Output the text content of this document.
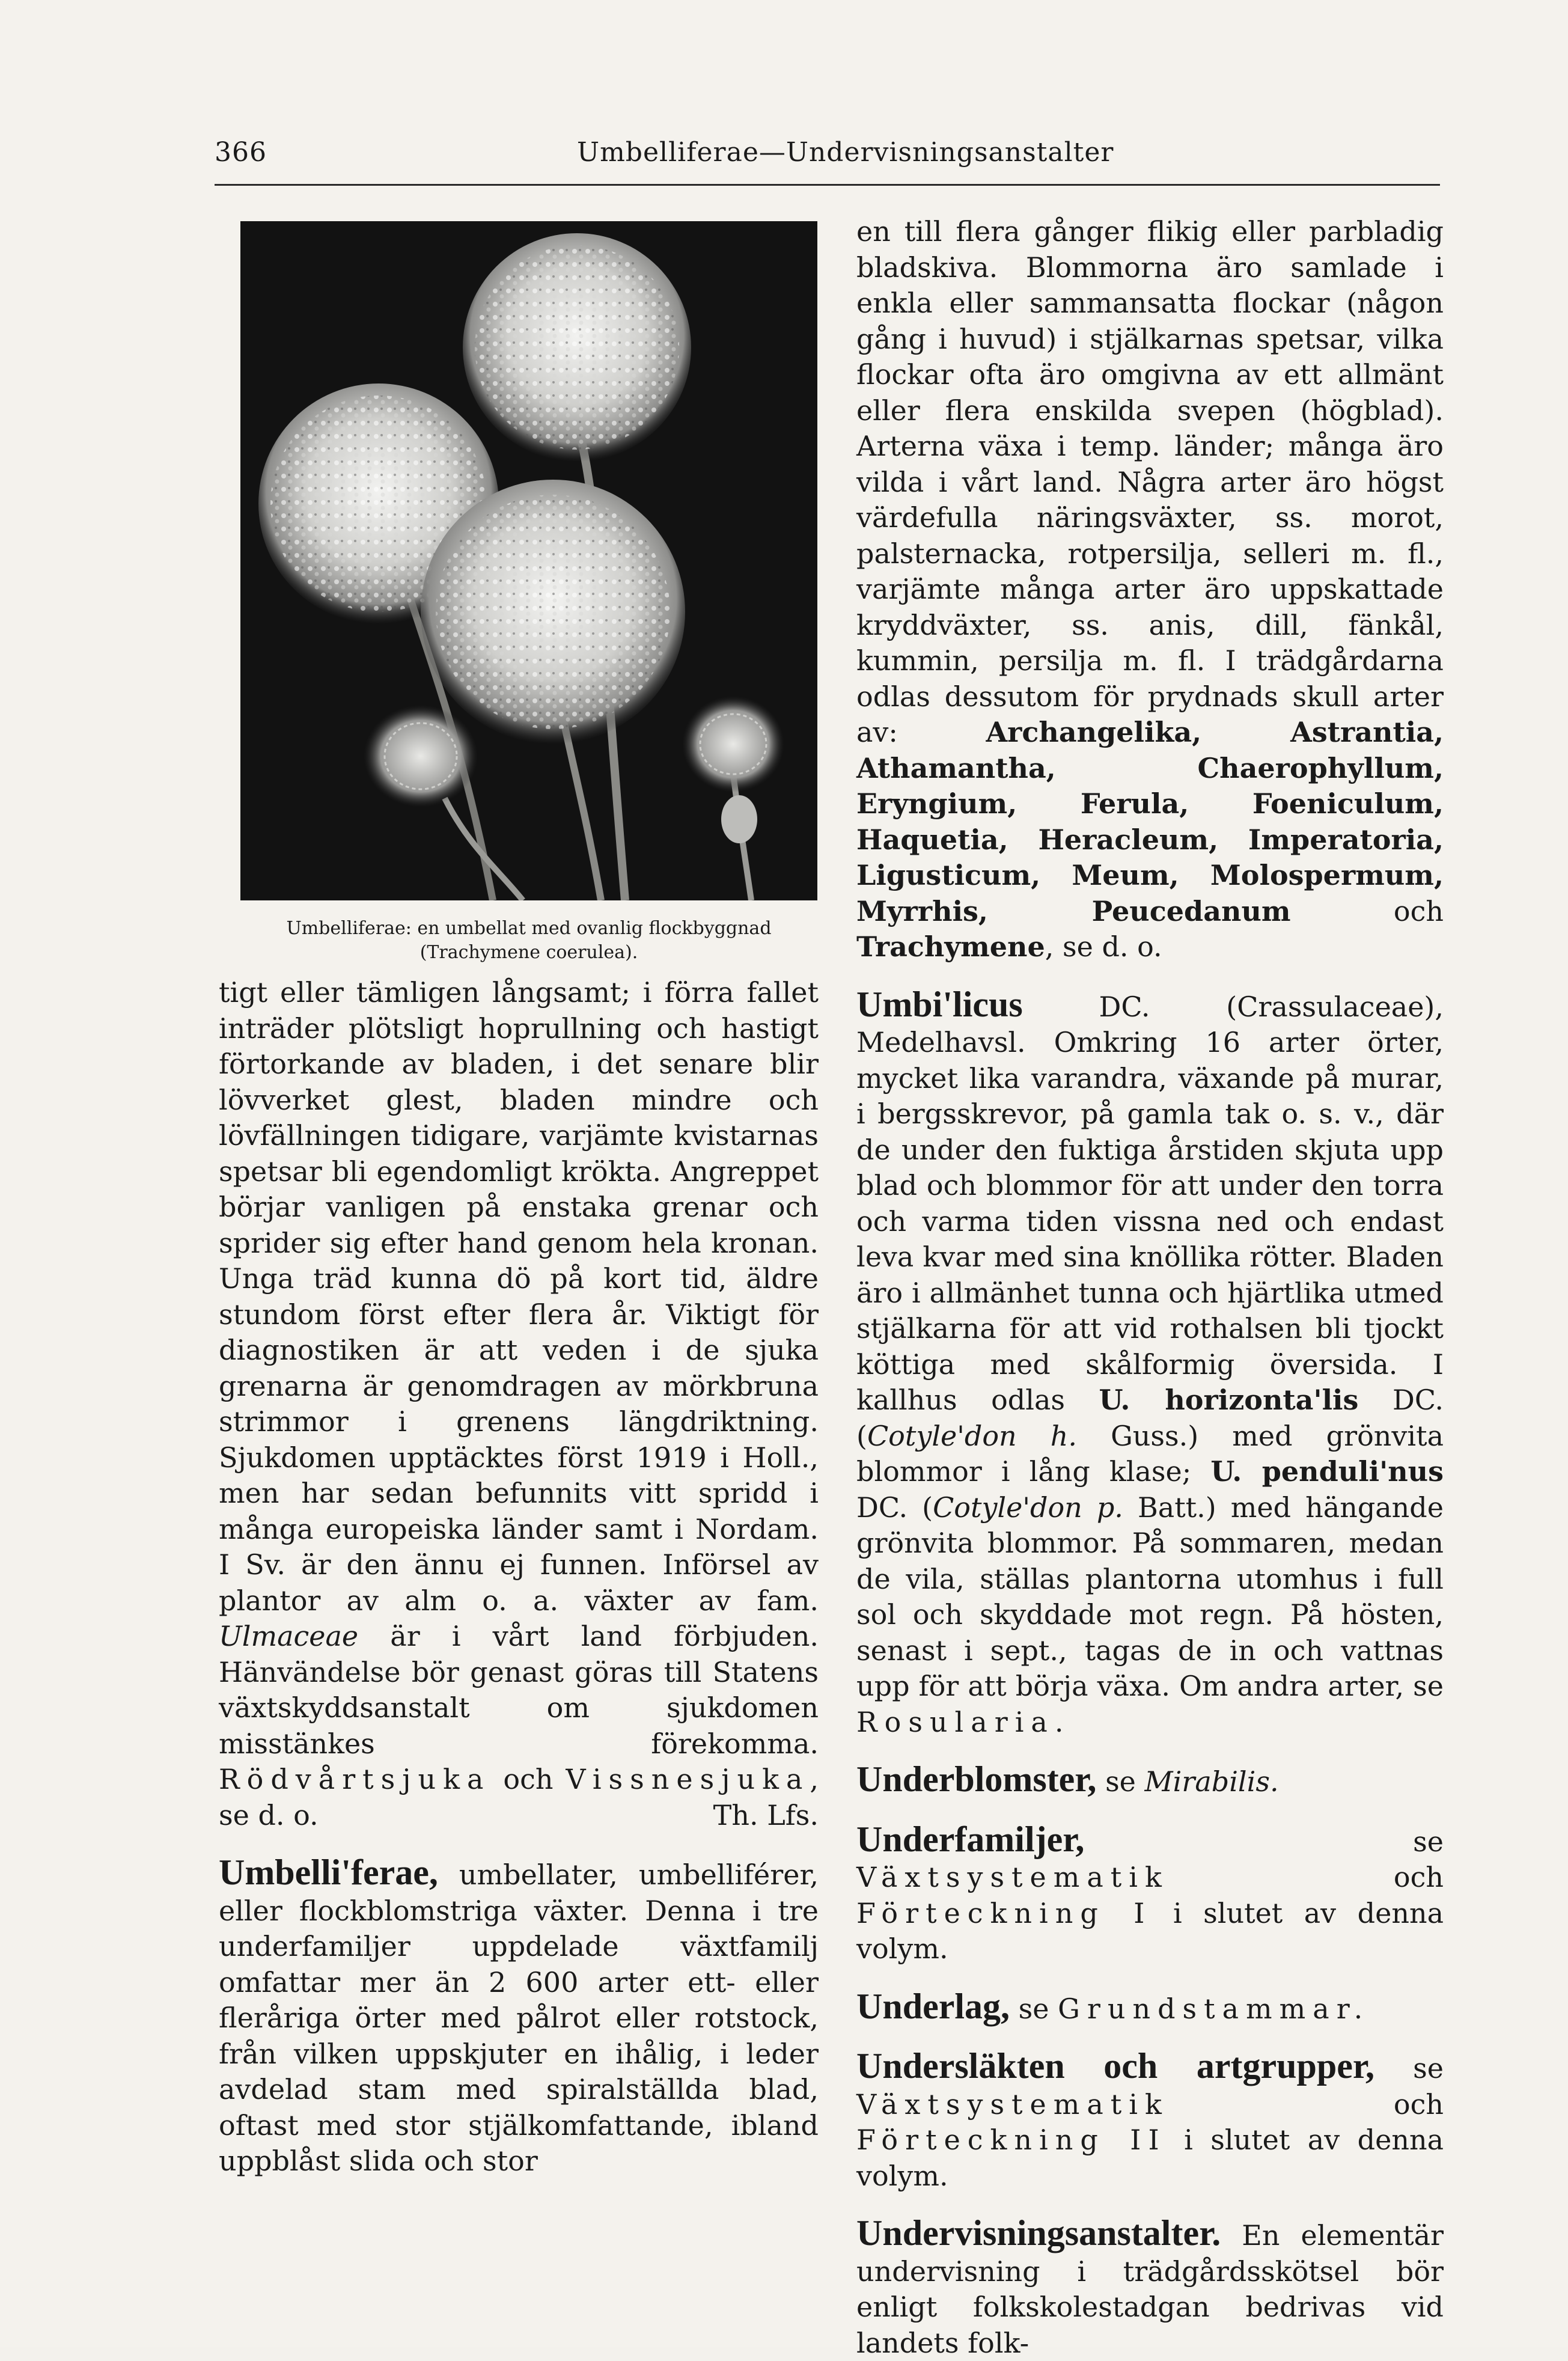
366	Umbelliferae—Undervisningsanstalter
Umbelliferae: en umbellat med ovanlig flockbyggnad
(Trachymene coerulea).

tigt eller tämligen långsamt; i förra fallet inträder plötsligt hoprullning och hastigt förtorkande av bladen, i det senare blir lövverket glest, bladen mindre och lövfällningen tidigare, varjämte kvistarnas spetsar bli egendomligt krökta. Angreppet börjar vanligen på enstaka grenar och sprider sig efter hand genom hela kronan. Unga träd kunna dö på kort tid, äldre stundom först efter flera år. Viktigt för diagnostiken är att veden i de sjuka grenarna är genomdragen av mörkbruna strimmor i grenens längdriktning. Sjukdomen upptäcktes först 1919 i Holl., men har sedan befunnits vitt spridd i många europeiska länder samt i Nordam. I Sv. är den ännu ej funnen. Införsel av plantor av alm o. a. växter av fam. Ulmaceae är i vårt land förbjuden. Hänvändelse bör genast göras till Statens växtskyddsanstalt om sjukdomen misstänkes förekomma. Rödvårtsjuka och Vissnesjuka, se d. o.	Th. Lfs.

Umbelli'ferae, umbellater, umbelliférer, eller flockblomstriga växter. Denna i tre underfamiljer uppdelade växtfamilj omfattar mer än 2 600 arter ett- eller fleråriga örter med pålrot eller rotstock, från vilken uppskjuter en ihålig, i leder avdelad stam med spiralställda blad, oftast med stor stjälkomfattande, ibland uppblåst slida och stor

en till flera gånger flikig eller parbladig bladskiva. Blommorna äro samlade i enkla eller sammansatta flockar (någon gång i huvud) i stjälkarnas spetsar, vilka flockar ofta äro omgivna av ett allmänt eller flera enskilda svepen (högblad). Arterna växa i temp. länder; många äro vilda i vårt land. Några arter äro högst värdefulla näringsväxter, ss. morot, palsternacka, rotpersilja, selleri m. fl., varjämte många arter äro uppskattade kryddväxter, ss. anis, dill, fänkål, kummin, persilja m. fl. I trädgårdarna odlas dessutom för prydnads skull arter av:	Archangelika, Astrantia, Athamantha, Chaerophyllum, Eryngium, Ferula, Foeniculum, Haquetia, Heracleum, Imperatoria, Ligusticum, Meum, Molospermum, Myrrhis, Peucedanum	och Trachymene, se d. o.

Umbi'licus	DC. (Crassulaceae), Medelhavsl. Omkring 16 arter örter, mycket lika varandra, växande på murar, i bergsskrevor, på gamla tak o. s. v., där de under den fuktiga årstiden skjuta upp blad och blommor för att under den torra och varma tiden vissna ned och endast leva kvar med sina knöllika rötter. Bladen äro i allmänhet tunna och hjärtlika utmed stjälkarna för att vid rothalsen bli tjockt köttiga med skålformig översida. I kallhus odlas U. horizonta'lis DC. (Cotyle'don h. Guss.) med grönvita blommor i lång klase; U. penduli'nus DC. (Cotyle'don p. Batt.) med hängande grönvita blommor. På sommaren, medan de vila, ställas plantorna utomhus i full sol och skyddade mot regn. På hösten, senast i sept., tagas de in och vattnas upp för att börja växa. Om andra arter, se Rosularia.

Underblomster, se Mirabilis.

Underfamiljer,	se Växtsystematik	och Förteckning I i slutet av denna volym.

Underlag, se Grundstammar.

Undersläkten och artgrupper, se Växtsystematik	och Förteckning II i slutet av denna volym.

Undervisningsanstalter. En elementär undervisning i trädgårdsskötsel bör enligt folkskolestadgan bedrivas vid landets folk-
